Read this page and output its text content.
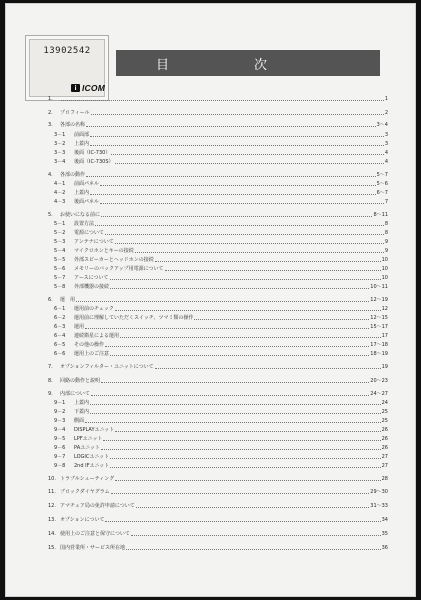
13902542
i ICOM
目	次
1.	1
2.	プロフィール	2
3.	各部の名称	3～4
3－1	前面部	3
3－2	上蓋内	3
3－3	後面（IC-730）	4
3－4	後面（IC-730S）	4
4.	各部の動作	5～7
4－1	前面パネル	5～6
4－2	上蓋内	6～7
4－3	後面パネル	7
5.	お使いになる前に	8～11
5－1	設置方法	8
5－2	電源について	8
5－3	アンテナについて	9
5－4	マイクロホンとキーの接続	9
5－5	外部スピーカーとヘッドホンの接続	10
5－6	メモリーのバックアップ用電源について	10
5－7	アースについて	10
5－8	外部機器の接続	10～11
6.	運　用	12～19
6－1	運用前のチェック	12
6－2	運用前に理解していただくスイッチ、ツマミ類の操作	12～15
6－3	運用	15～17
6－4	連続衛星による運用	17
6－5	その他の操作	17～18
6－6	運用上のご注意	18～19
7.	オプションフィルター・ユニットについて	19
8.	回路の動作と説明	20～23
9.	内部について	24～27
9－1	上蓋内	24
9－2	下蓋内	25
9－3	側面	25
9－4	DISPLAYユニット	26
9－5	LPFユニット	26
9－6	PAユニット	26
9－7	LOGICユニット	27
9－8	2nd IFユニット	27
10. トラブルシューティング	28
11. ブロックダイヤグラム	29～30
12. アマチュア局の免許申請について	31～33
13. オプションについて	34
14. 使用上のご注意と保守について	35
15. 国内営業所・サービス所在地	36
